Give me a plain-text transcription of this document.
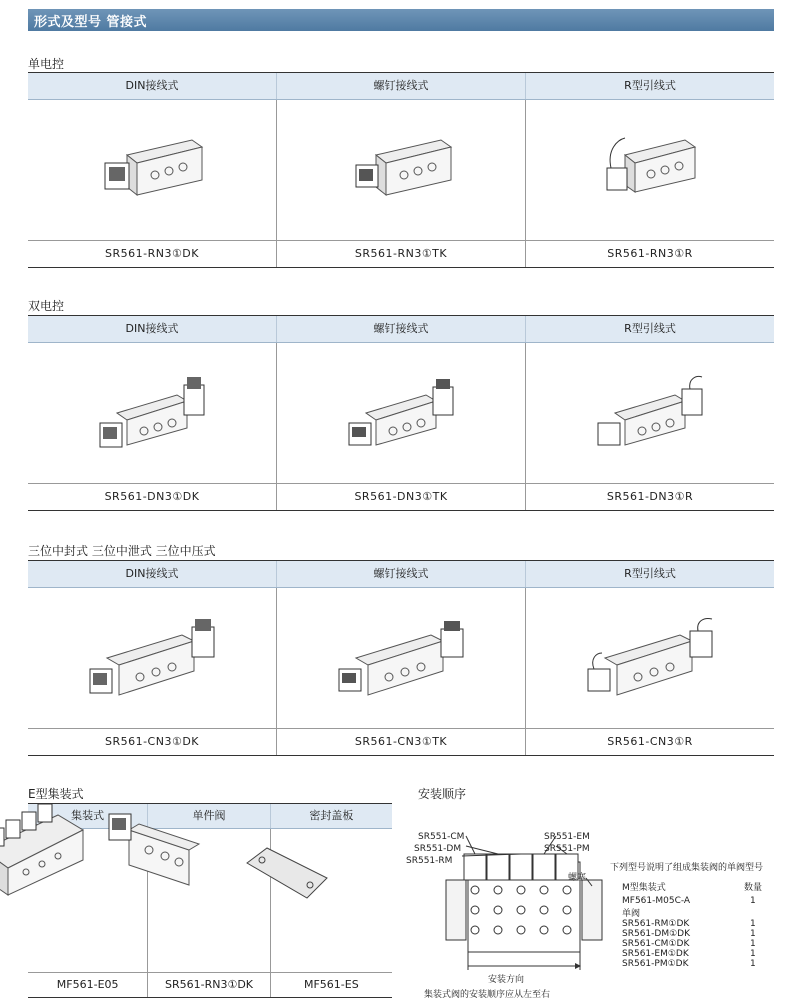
形式及型号 管接式
单电控
DIN接线式	螺钉接线式	R型引线式
SR561-RN3①DK	SR561-RN3①TK	SR561-RN3①R
双电控
DIN接线式	螺钉接线式	R型引线式
SR561-DN3①DK	SR561-DN3①TK	SR561-DN3①R
三位中封式 三位中泄式 三位中压式
DIN接线式	螺钉接线式	R型引线式
SR561-CN3①DK	SR561-CN3①TK	SR561-CN3①R
E型集装式
集装式	单件阀	密封盖板
MF561-E05	SR561-RN3①DK	MF561-ES
安装顺序
SR551-CM
SR551-DM
SR551-RM
SR551-EM
SR551-PM
螺塞
安装方向
集装式阀的安装顺序应从左至右
下列型号说明了组成集装阀的单阀型号
M型集装式	数量
MF561-M05C-A	1
单阀
SR561-RM①DK	1
SR561-DM①DK	1
SR561-CM①DK	1
SR561-EM①DK	1
SR561-PM①DK	1
